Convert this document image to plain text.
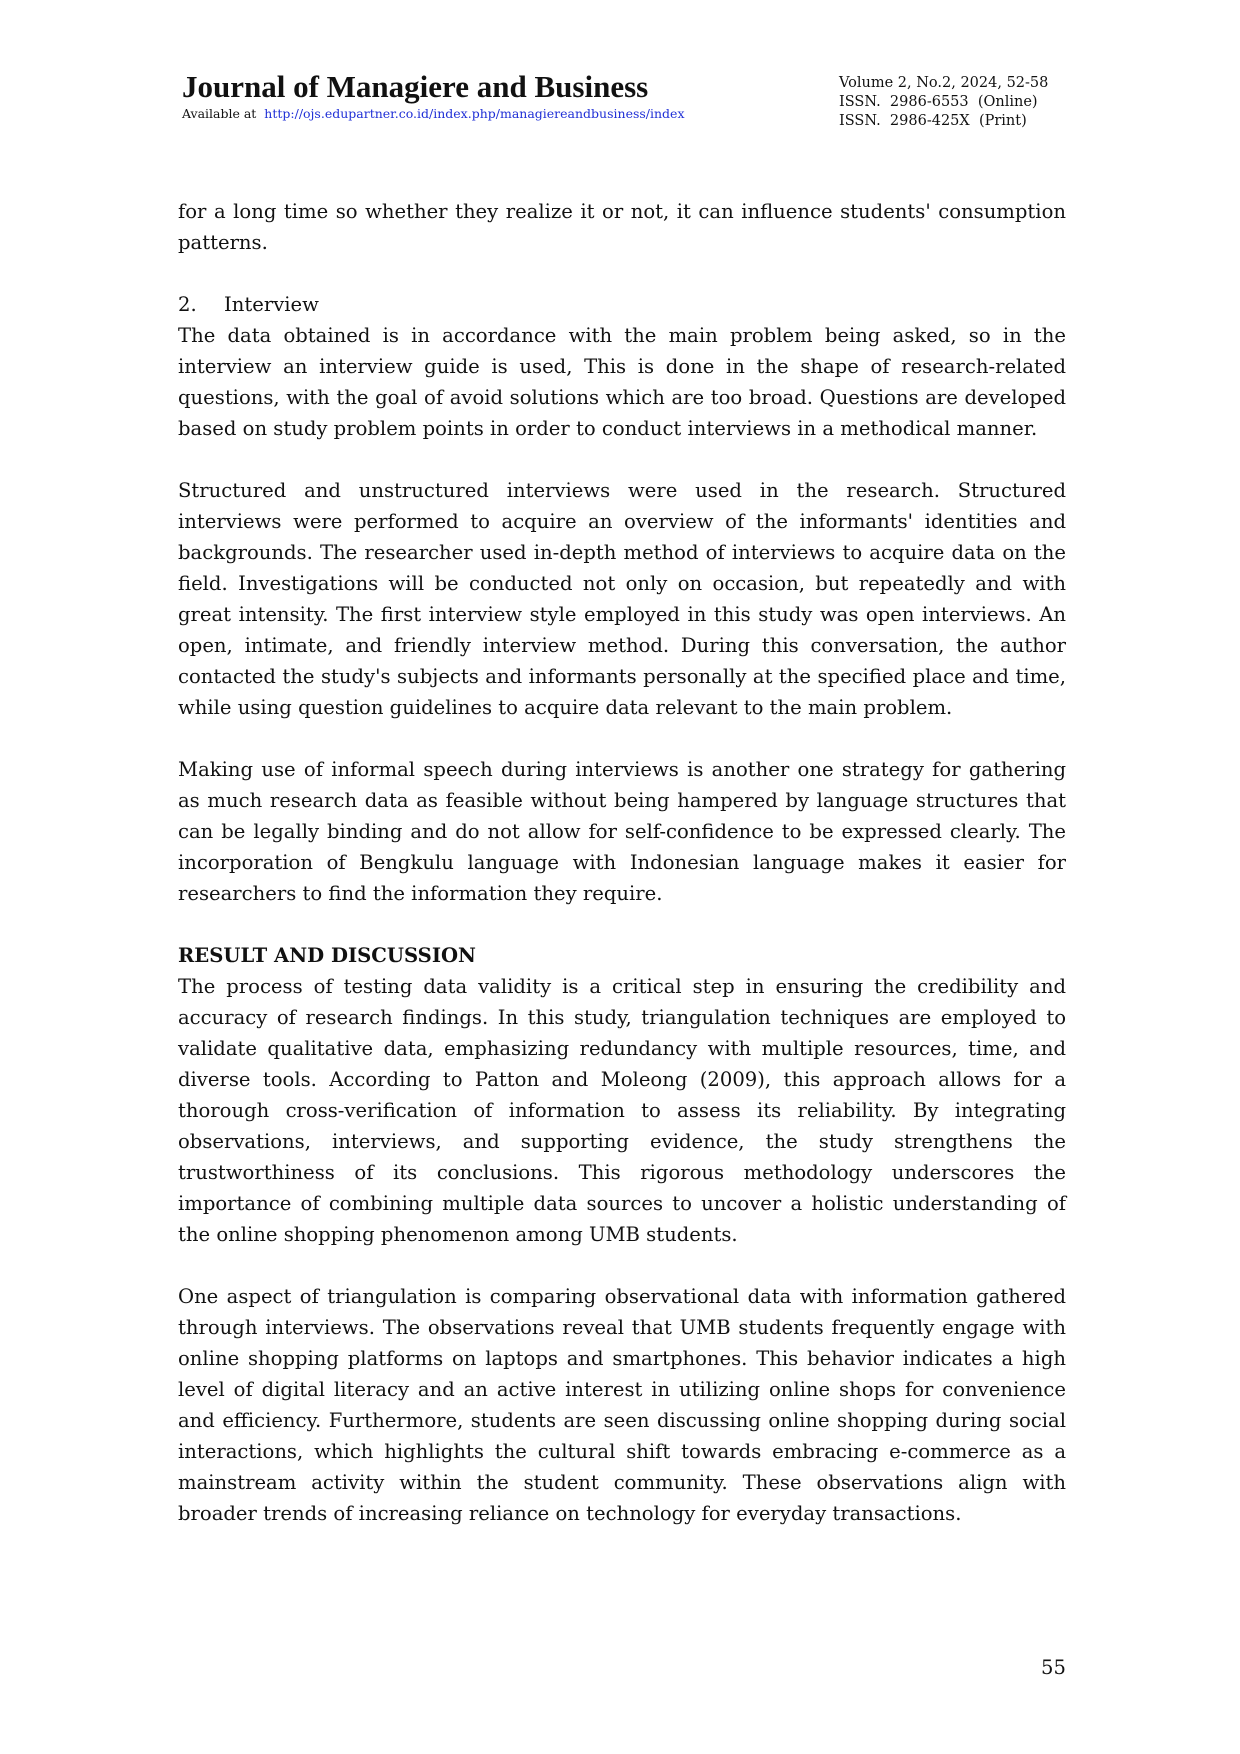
Journal of Managiere and Business
Available at http://ojs.edupartner.co.id/index.php/managiereandbusiness/index
Volume 2, No.2, 2024, 52-58
ISSN.  2986-6553  (Online)
ISSN.  2986-425X  (Print)

for a long time so whether they realize it or not, it can influence students' consumption patterns.

2. Interview

The data obtained is in accordance with the main problem being asked, so in the interview an interview guide is used, This is done in the shape of research-related questions, with the goal of avoid solutions which are too broad. Questions are developed based on study problem points in order to conduct interviews in a methodical manner.

Structured and unstructured interviews were used in the research. Structured interviews were performed to acquire an overview of the informants' identities and backgrounds. The researcher used in-depth method of interviews to acquire data on the field. Investigations will be conducted not only on occasion, but repeatedly and with great intensity. The first interview style employed in this study was open interviews. An open, intimate, and friendly interview method. During this conversation, the author contacted the study's subjects and informants personally at the specified place and time, while using question guidelines to acquire data relevant to the main problem.

Making use of informal speech during interviews is another one strategy for gathering as much research data as feasible without being hampered by language structures that can be legally binding and do not allow for self-confidence to be expressed clearly. The incorporation of Bengkulu language with Indonesian language makes it easier for researchers to find the information they require.

RESULT AND DISCUSSION

The process of testing data validity is a critical step in ensuring the credibility and accuracy of research findings. In this study, triangulation techniques are employed to validate qualitative data, emphasizing redundancy with multiple resources, time, and diverse tools. According to Patton and Moleong (2009), this approach allows for a thorough cross-verification of information to assess its reliability. By integrating observations, interviews, and supporting evidence, the study strengthens the trustworthiness of its conclusions. This rigorous methodology underscores the importance of combining multiple data sources to uncover a holistic understanding of the online shopping phenomenon among UMB students.

One aspect of triangulation is comparing observational data with information gathered through interviews. The observations reveal that UMB students frequently engage with online shopping platforms on laptops and smartphones. This behavior indicates a high level of digital literacy and an active interest in utilizing online shops for convenience and efficiency. Furthermore, students are seen discussing online shopping during social interactions, which highlights the cultural shift towards embracing e-commerce as a mainstream activity within the student community. These observations align with broader trends of increasing reliance on technology for everyday transactions.

55
